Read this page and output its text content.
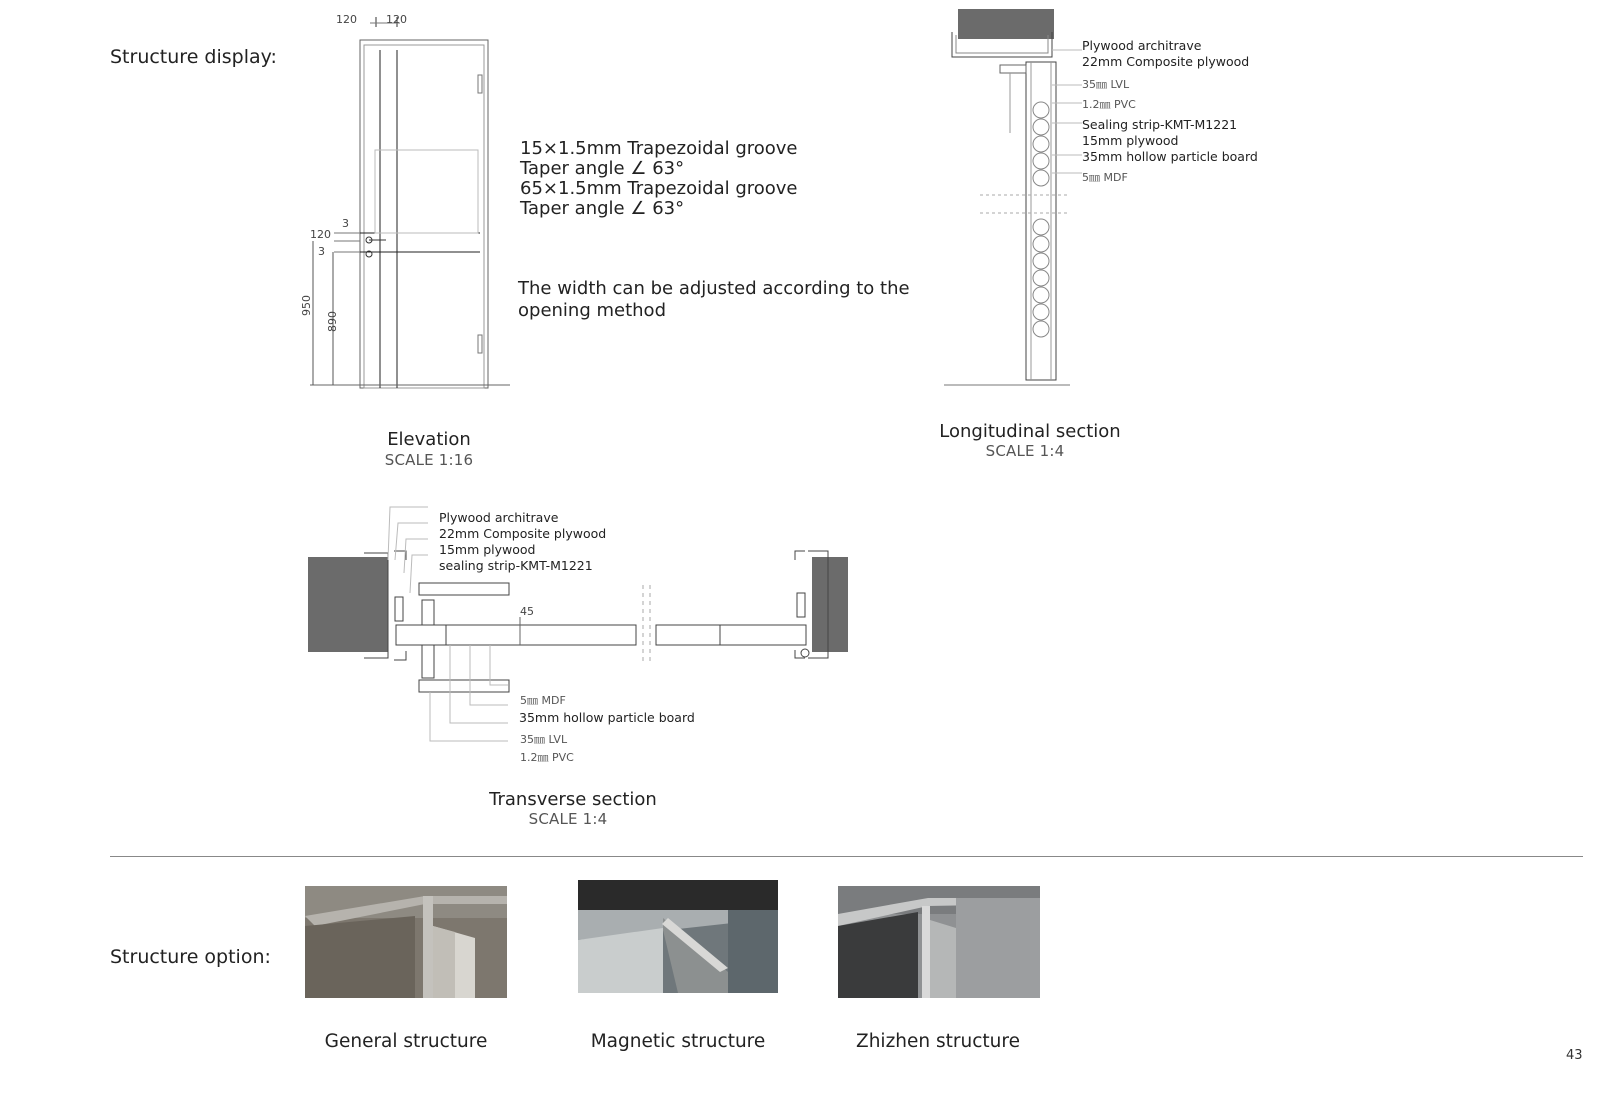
Structure display:
Structure option:
120	120
3
120
3
950
890
Elevation
SCALE 1:16
15×1.5mm Trapezoidal groove
Taper angle ∠ 63°
65×1.5mm Trapezoidal groove
Taper angle ∠ 63°
The width can be adjusted according to the
opening method
Plywood architrave
22mm Composite plywood
35㎜ LVL
1.2㎜ PVC
Sealing strip-KMT-M1221
15mm plywood
35mm hollow particle board
5㎜ MDF
Longitudinal section
SCALE 1:4
Plywood architrave
22mm Composite plywood
15mm plywood
sealing strip-KMT-M1221
45
5㎜ MDF
35mm hollow particle board
35㎜ LVL
1.2㎜ PVC
Transverse section
SCALE 1:4
General structure	Magnetic structure	Zhizhen structure
43
